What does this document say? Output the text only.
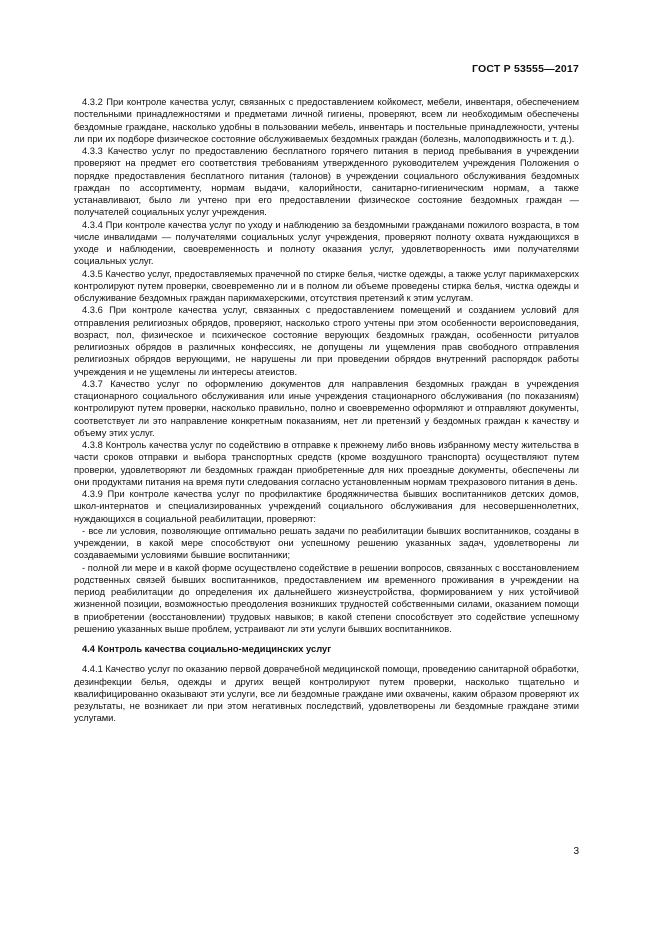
ГОСТ Р 53555—2017

4.3.2 При контроле качества услуг, связанных с предоставлением койкомест, мебели, инвентаря, обеспечением постельными принадлежностями и предметами личной гигиены, проверяют, всем ли необходимым обеспечены бездомные граждане, насколько удобны в пользовании мебель, инвентарь и постельные принадлежности, учтены ли при их подборе физическое состояние обслуживаемых бездомных граждан (болезнь, малоподвижность и т. д.).

4.3.3 Качество услуг по предоставлению бесплатного горячего питания в период пребывания в учреждении проверяют на предмет его соответствия требованиям утвержденного руководителем учреждения Положения о порядке предоставления бесплатного питания (талонов) в учреждении социального обслуживания бездомных граждан по ассортименту, нормам выдачи, калорийности, санитарно-гигиеническим нормам, а также устанавливают, было ли учтено при его предоставлении физическое состояние бездомных граждан — получателей социальных услуг учреждения.

4.3.4 При контроле качества услуг по уходу и наблюдению за бездомными гражданами пожилого возраста, в том числе инвалидами — получателями социальных услуг учреждения, проверяют полноту охвата нуждающихся в уходе и наблюдении, своевременность и полноту оказания услуг, удовлетворенность ими получателями социальных услуг.

4.3.5 Качество услуг, предоставляемых прачечной по стирке белья, чистке одежды, а также услуг парикмахерских контролируют путем проверки, своевременно ли и в полном ли объеме проведены стирка белья, чистка одежды и обслуживание бездомных граждан парикмахерскими, отсутствия претензий к этим услугам.

4.3.6 При контроле качества услуг, связанных с предоставлением помещений и созданием условий для отправления религиозных обрядов, проверяют, насколько строго учтены при этом особенности вероисповедания, возраст, пол, физическое и психическое состояние верующих бездомных граждан, особенности ритуалов религиозных обрядов в различных конфессиях, не допущены ли ущемления прав свободного отправления религиозных обрядов верующими, не нарушены ли при проведении обрядов внутренний распорядок работы учреждения и не ущемлены ли интересы атеистов.

4.3.7 Качество услуг по оформлению документов для направления бездомных граждан в учреждения стационарного социального обслуживания или иные учреждения стационарного обслуживания (по показаниям) контролируют путем проверки, насколько правильно, полно и своевременно оформляют и отправляют документы, соответствует ли это направление конкретным показаниям, нет ли претензий у бездомных граждан к качеству и объему этих услуг.

4.3.8 Контроль качества услуг по содействию в отправке к прежнему либо вновь избранному месту жительства в части сроков отправки и выбора транспортных средств (кроме воздушного транспорта) осуществляют путем проверки, удовлетворяют ли бездомных граждан приобретенные для них проездные документы, обеспечены ли они продуктами питания на время пути следования согласно установленным нормам трехразового питания в день.

4.3.9 При контроле качества услуг по профилактике бродяжничества бывших воспитанников детских домов, школ-интернатов и специализированных учреждений социального обслуживания для несовершеннолетних, нуждающихся в социальной реабилитации, проверяют:

- все ли условия, позволяющие оптимально решать задачи по реабилитации бывших воспитанников, созданы в учреждении, в какой мере способствуют они успешному решению указанных задач, удовлетворены ли создаваемыми условиями бывшие воспитанники;

- полной ли мере и в какой форме осуществлено содействие в решении вопросов, связанных с восстановлением родственных связей бывших воспитанников, предоставлением им временного проживания в учреждении на период реабилитации до определения их дальнейшего жизнеустройства, формированием у них устойчивой жизненной позиции, возможностью преодоления возникших трудностей собственными силами, оказанием помощи в приобретении (восстановлении) трудовых навыков; в какой степени способствует это содействие успешному решению указанных выше проблем, устраивают ли эти услуги бывших воспитанников.

4.4 Контроль качества социально-медицинских услуг

4.4.1 Качество услуг по оказанию первой доврачебной медицинской помощи, проведению санитарной обработки, дезинфекции белья, одежды и других вещей контролируют путем проверки, насколько тщательно и квалифицированно оказывают эти услуги, все ли бездомные граждане ими охвачены, каким образом проверяют их результаты, не возникает ли при этом негативных последствий, удовлетворены ли бездомные граждане этими услугами.

3
